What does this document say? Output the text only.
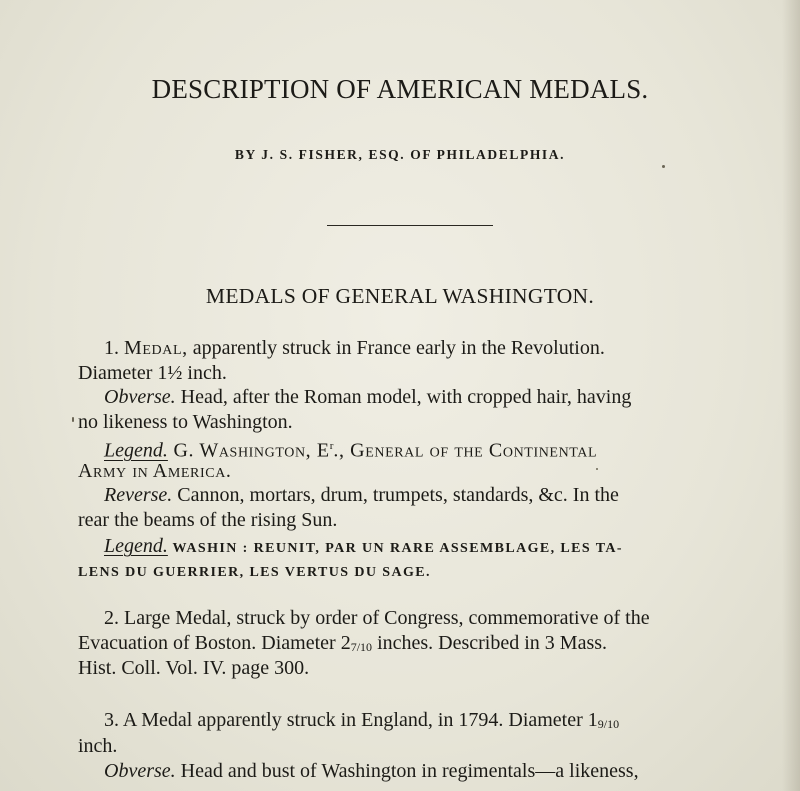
DESCRIPTION OF AMERICAN MEDALS.
BY J. S. FISHER, ESQ. OF PHILADELPHIA.
MEDALS OF GENERAL WASHINGTON.
1. Medal, apparently struck in France early in the Revolution.
Diameter 1½ inch.
Obverse. Head, after the Roman model, with cropped hair, having
no likeness to Washington.
Legend. G. Washington, $E^r$., General of the Continental
Army in America.
Reverse. Cannon, mortars, drum, trumpets, standards, &c. In the
rear the beams of the rising Sun.
Legend. WASHIN : REUNIT, PAR UN RARE ASSEMBLAGE, LES TA-
LENS DU GUERRIER, LES VERTUS DU SAGE.
2. Large Medal, struck by order of Congress, commemorative of the
Evacuation of Boston. Diameter 27/10 inches. Described in 3 Mass.
Hist. Coll. Vol. IV. page 300.
3. A Medal apparently struck in England, in 1794. Diameter 19/10
inch.
Obverse. Head and bust of Washington in regimentals—a likeness,
